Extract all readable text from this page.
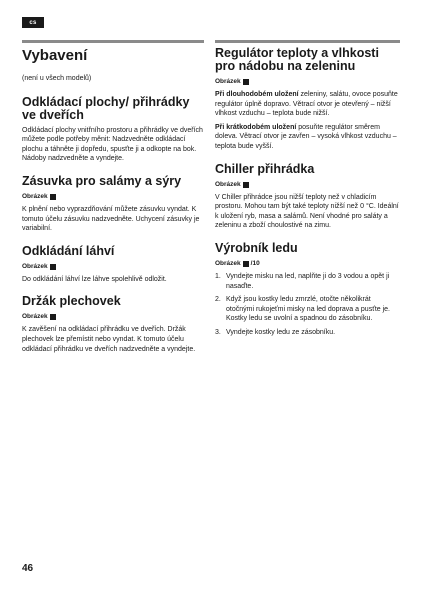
cs
Vybavení

(není u všech modelů)

Odkládací plochy/ přihrádky ve dveřích

Odkládací plochy vnitřního prostoru a přihrádky ve dveřích můžete podle potřeby měnit: Nadzvedněte odkládací plochu a táhněte ji dopředu, spusťte ji a odkopte na bok. Nádoby nadzvedněte a vyndejte.

Zásuvka pro salámy a sýry
Obrázek

K plnění nebo vyprazdňování můžete zásuvku vyndat. K tomuto účelu zásuvku nadzvedněte. Uchycení zásuvky je variabilní.

Odkládání láhví
Obrázek

Do odkládání láhví lze láhve spolehlivě odložit.

Držák plechovek
Obrázek

K zavěšení na odkládací přihrádku ve dveřích. Držák plechovek lze přemístit nebo vyndat. K tomuto účelu odkládací přihrádku ve dveřích nadzvedněte a vyndejte.

Regulátor teploty a vlhkosti pro nádobu na zeleninu
Obrázek

Při dlouhodobém uložení zeleniny, salátu, ovoce posuňte regulátor úplně dopravo. Větrací otvor je otevřený – nižší vlhkost vzduchu – teplota bude nižší.

Při krátkodobém uložení posuňte regulátor směrem doleva. Větrací otvor je zavřen – vysoká vlhkost vzduchu – teplota bude vyšší.

Chiller přihrádka
Obrázek

V Chiller přihrádce jsou nižší teploty než v chladicím prostoru. Mohou tam být také teploty nižší než 0 °C. Ideální k uložení ryb, masa a salámů. Není vhodné pro saláty a zeleninu a zboží choulostivé na zimu.

Výrobník ledu
Obrázek /10
1. Vyndejte misku na led, naplňte ji do 3 vodou a opět ji nasaďte.
2. Když jsou kostky ledu zmrzlé, otočte několikrát otočnými rukojeťmi misky na led doprava a pusťte je. Kostky ledu se uvolní a spadnou do zásobníku.
3. Vyndejte kostky ledu ze zásobníku.
46
